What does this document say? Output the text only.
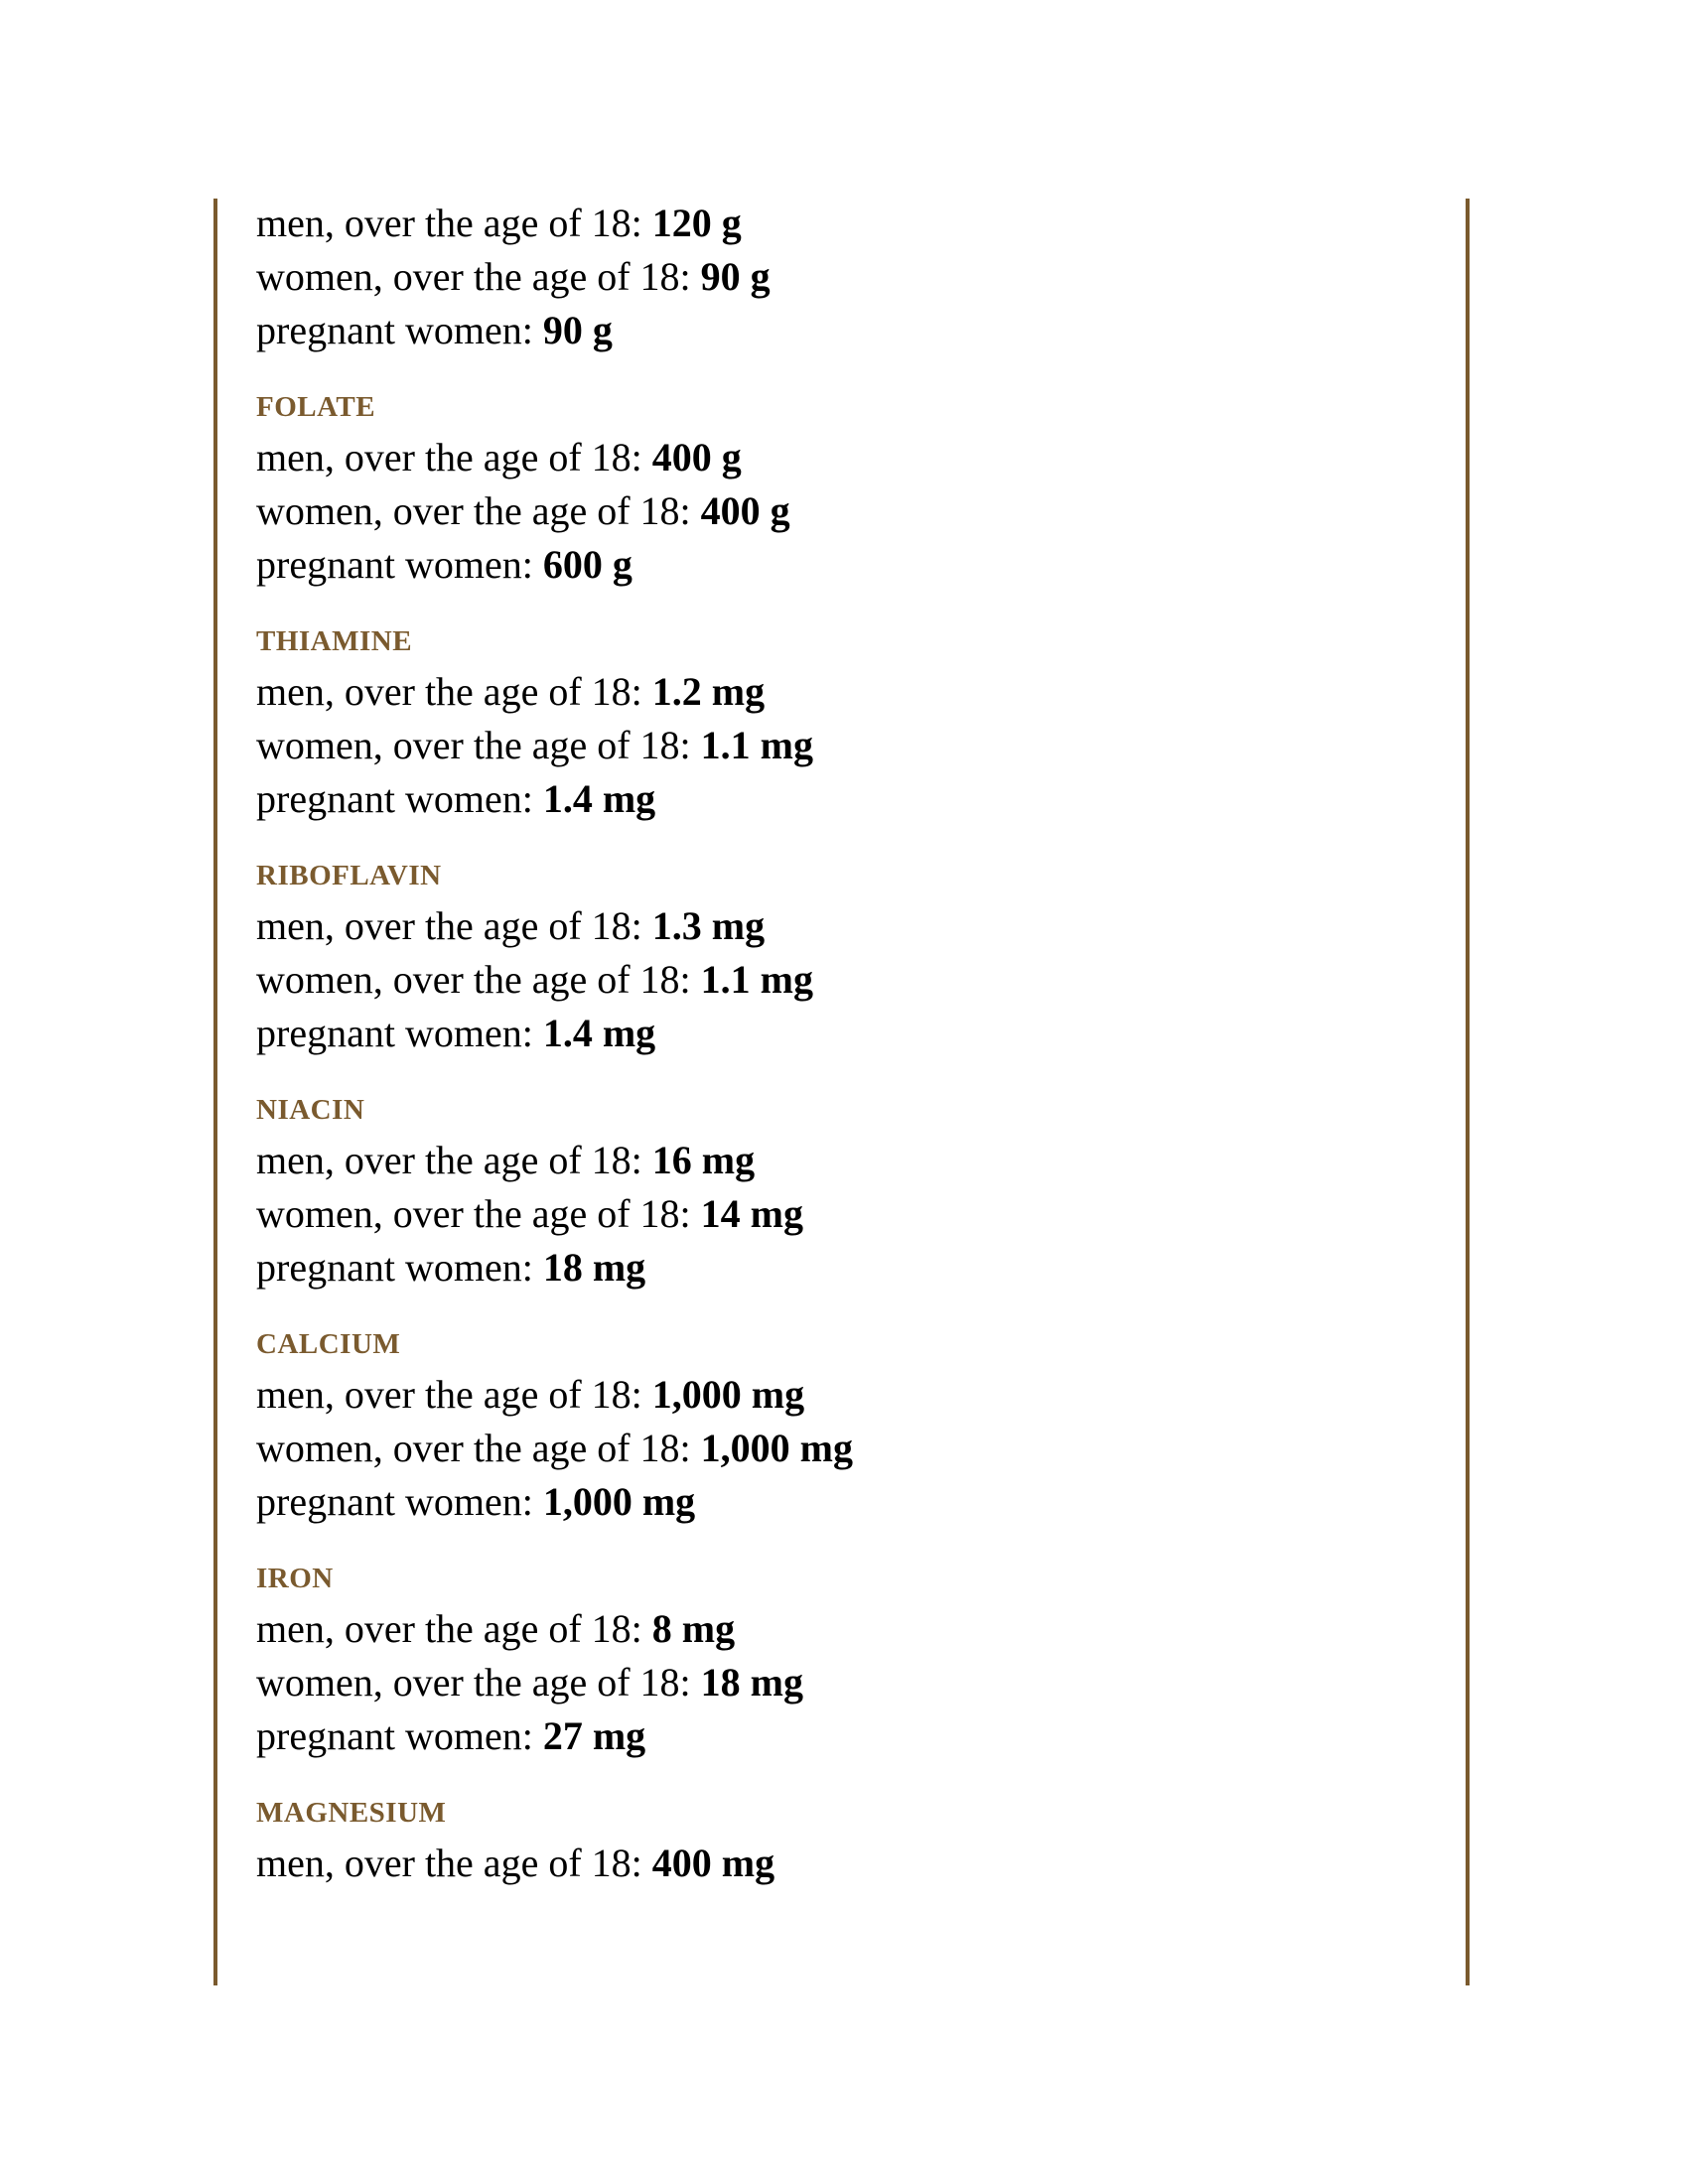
men, over the age of 18: 120 g
women, over the age of 18: 90 g
pregnant women: 90 g
FOLATE
men, over the age of 18: 400 g
women, over the age of 18: 400 g
pregnant women: 600 g
THIAMINE
men, over the age of 18: 1.2 mg
women, over the age of 18: 1.1 mg
pregnant women: 1.4 mg
RIBOFLAVIN
men, over the age of 18: 1.3 mg
women, over the age of 18: 1.1 mg
pregnant women: 1.4 mg
NIACIN
men, over the age of 18: 16 mg
women, over the age of 18: 14 mg
pregnant women: 18 mg
CALCIUM
men, over the age of 18: 1,000 mg
women, over the age of 18: 1,000 mg
pregnant women: 1,000 mg
IRON
men, over the age of 18: 8 mg
women, over the age of 18: 18 mg
pregnant women: 27 mg
MAGNESIUM
men, over the age of 18: 400 mg
